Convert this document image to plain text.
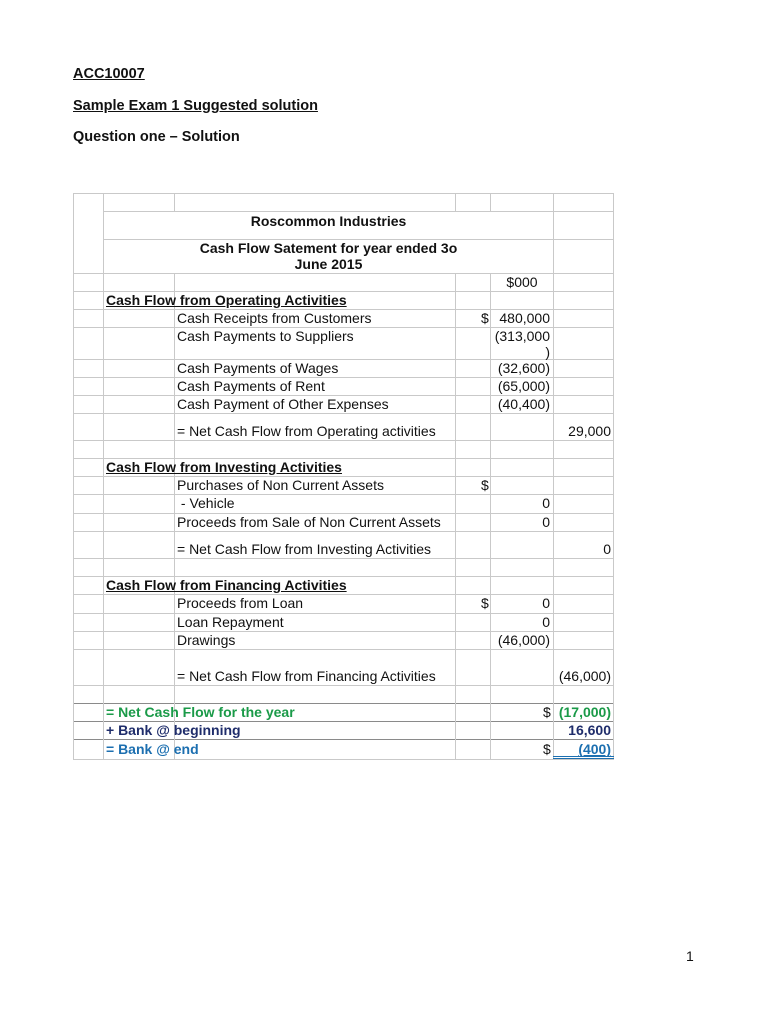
ACC10007
Sample Exam 1 Suggested solution
Question one – Solution
Roscommon Industries
Cash Flow Satement for year ended 3o
June 2015
$000
Cash Flow from Operating Activities
Cash Receipts from Customers	$ 480,000
Cash Payments to Suppliers	(313,000
)
Cash Payments of Wages	(32,600)
Cash Payments of Rent	(65,000)
Cash Payment of Other Expenses	(40,400)
= Net Cash Flow from Operating activities	29,000
Cash Flow from Investing Activities
Purchases of Non Current Assets	$
- Vehicle	0
Proceeds from Sale of Non Current Assets	0
= Net Cash Flow from Investing Activities	0
Cash Flow from Financing Activities
Proceeds from Loan	$	0
Loan Repayment	0
Drawings	(46,000)
= Net Cash Flow from Financing Activities	(46,000)
= Net Cash Flow for the year	$ (17,000)
+ Bank @ beginning	16,600
= Bank @ end	$	(400)
1
